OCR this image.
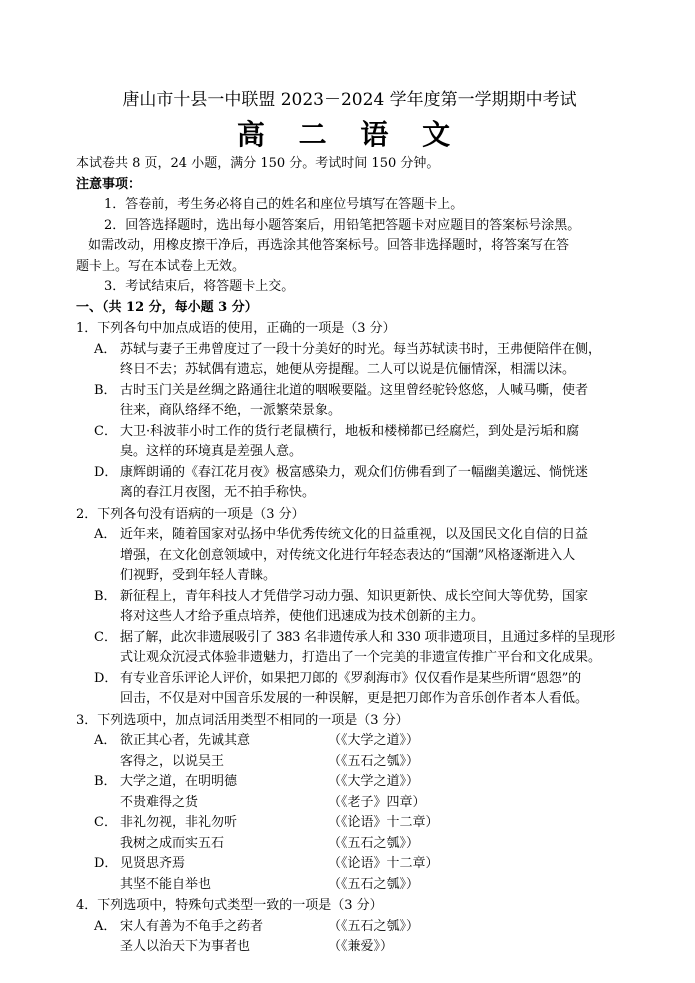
唐山市十县一中联盟 2023－2024 学年度第一学期期中考试
高 二 语 文
本试卷共 8 页，24 小题，满分 150 分。考试时间 150 分钟。
注意事项：
1．答卷前，考生务必将自己的姓名和座位号填写在答题卡上。
2．回答选择题时，选出每小题答案后，用铅笔把答题卡对应题目的答案标号涂黑。
如需改动，用橡皮擦干净后，再选涂其他答案标号。回答非选择题时，将答案写在答
题卡上。写在本试卷上无效。
3．考试结束后，将答题卡上交。
一、（共 12 分，每小题 3 分）
1．下列各句中加点成语的使用，正确的一项是（3 分）
A． 苏轼与妻子王弗曾度过了一段十分美好的时光。每当苏轼读书时，王弗便陪伴在侧，
终日不去；苏轼偶有遗忘，她便从旁提醒。二人可以说是伉俪情深，相濡以沫。
B． 古时玉门关是丝绸之路通往北道的咽喉要隘。这里曾经驼铃悠悠，人喊马嘶，使者
往来，商队络绎不绝，一派繁荣景象。
C． 大卫·科波菲小时工作的货行老鼠横行，地板和楼梯都已经腐烂，到处是污垢和腐
臭。这样的环境真是差强人意。
D． 康辉朗诵的《春江花月夜》极富感染力，观众们仿佛看到了一幅幽美邈远、惝恍迷
离的春江月夜图，无不拍手称快。
2．下列各句没有语病的一项是（3 分）
A． 近年来，随着国家对弘扬中华优秀传统文化的日益重视，以及国民文化自信的日益
增强，在文化创意领域中，对传统文化进行年轻态表达的“国潮”风格逐渐进入人
们视野，受到年轻人青睐。
B． 新征程上，青年科技人才凭借学习动力强、知识更新快、成长空间大等优势，国家
将对这些人才给予重点培养，使他们迅速成为技术创新的主力。
C． 据了解，此次非遗展吸引了 383 名非遗传承人和 330 项非遗项目，且通过多样的呈现形
式让观众沉浸式体验非遗魅力，打造出了一个完美的非遗宣传推广平台和文化成果。
D． 有专业音乐评论人评价，如果把刀郎的《罗刹海市》仅仅看作是某些所谓“恩怨”的
回击，不仅是对中国音乐发展的一种误解，更是把刀郎作为音乐创作者本人看低。
3．下列选项中，加点词活用类型不相同的一项是（3 分）
A． 欲正其心者，先诚其意	（《大学之道》）
客得之，以说吴王	（《五石之瓠》）
B． 大学之道，在明明德	（《大学之道》）
不贵难得之货	（《老子》四章）
C． 非礼勿视，非礼勿听	（《论语》十二章）
我树之成而实五石	（《五石之瓠》）
D． 见贤思齐焉	（《论语》十二章）
其坚不能自举也	（《五石之瓠》）
4．下列选项中，特殊句式类型一致的一项是（3 分）
A． 宋人有善为不龟手之药者	（《五石之瓠》）
圣人以治天下为事者也	（《兼爱》）
